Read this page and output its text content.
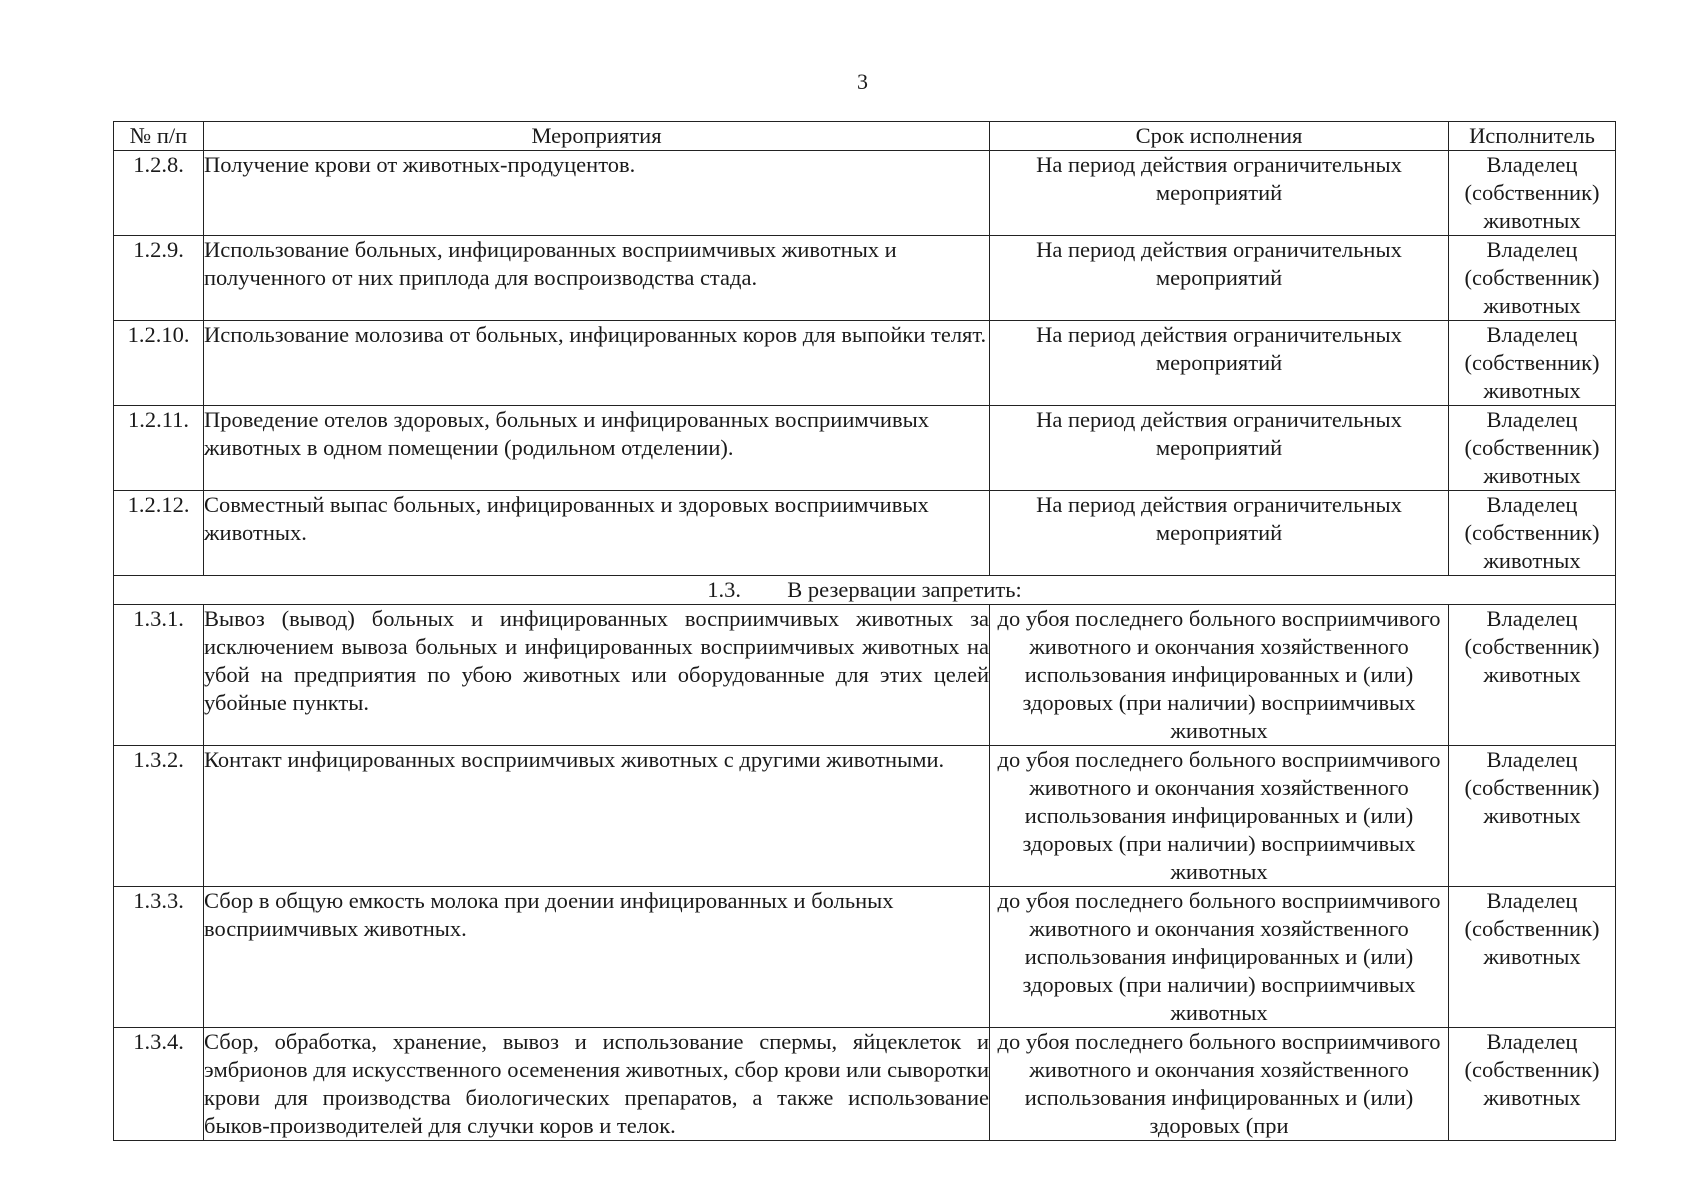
3
№ п/п	Мероприятия	Срок исполнения	Исполнитель
1.2.8.	Получение крови от животных-продуцентов.	На период действия ограничительных мероприятий	Владелец (собственник) животных
1.2.9.	Использование больных, инфицированных восприимчивых животных и полученного от них приплода для воспроизводства стада.	На период действия ограничительных мероприятий	Владелец (собственник) животных
1.2.10.	Использование молозива от больных, инфицированных коров для выпойки телят.	На период действия ограничительных мероприятий	Владелец (собственник) животных
1.2.11.	Проведение отелов здоровых, больных и инфицированных восприимчивых животных в одном помещении (родильном отделении).	На период действия ограничительных мероприятий	Владелец (собственник) животных
1.2.12.	Совместный выпас больных, инфицированных и здоровых восприимчивых животных.	На период действия ограничительных мероприятий	Владелец (собственник) животных
1.3. В резервации запретить:			
1.3.1.	Вывоз (вывод) больных и инфицированных восприимчивых животных за исключением вывоза больных и инфицированных восприимчивых животных на убой на предприятия по убою животных или оборудованные для этих целей убойные пункты.	до убоя последнего больного восприимчивого животного и окончания хозяйственного использования инфицированных и (или) здоровых (при наличии) восприимчивых животных	Владелец (собственник) животных
1.3.2.	Контакт инфицированных восприимчивых животных с другими животными.	до убоя последнего больного восприимчивого животного и окончания хозяйственного использования инфицированных и (или) здоровых (при наличии) восприимчивых животных	Владелец (собственник) животных
1.3.3.	Сбор в общую емкость молока при доении инфицированных и больных восприимчивых животных.	до убоя последнего больного восприимчивого животного и окончания хозяйственного использования инфицированных и (или) здоровых (при наличии) восприимчивых животных	Владелец (собственник) животных
1.3.4.	Сбор, обработка, хранение, вывоз и использование спермы, яйцеклеток и эмбрионов для искусственного осеменения животных, сбор крови или сыворотки крови для производства биологических препаратов, а также использование быков-производителей для случки коров и телок.	до убоя последнего больного восприимчивого животного и окончания хозяйственного использования инфицированных и (или) здоровых (при	Владелец (собственник) животных
